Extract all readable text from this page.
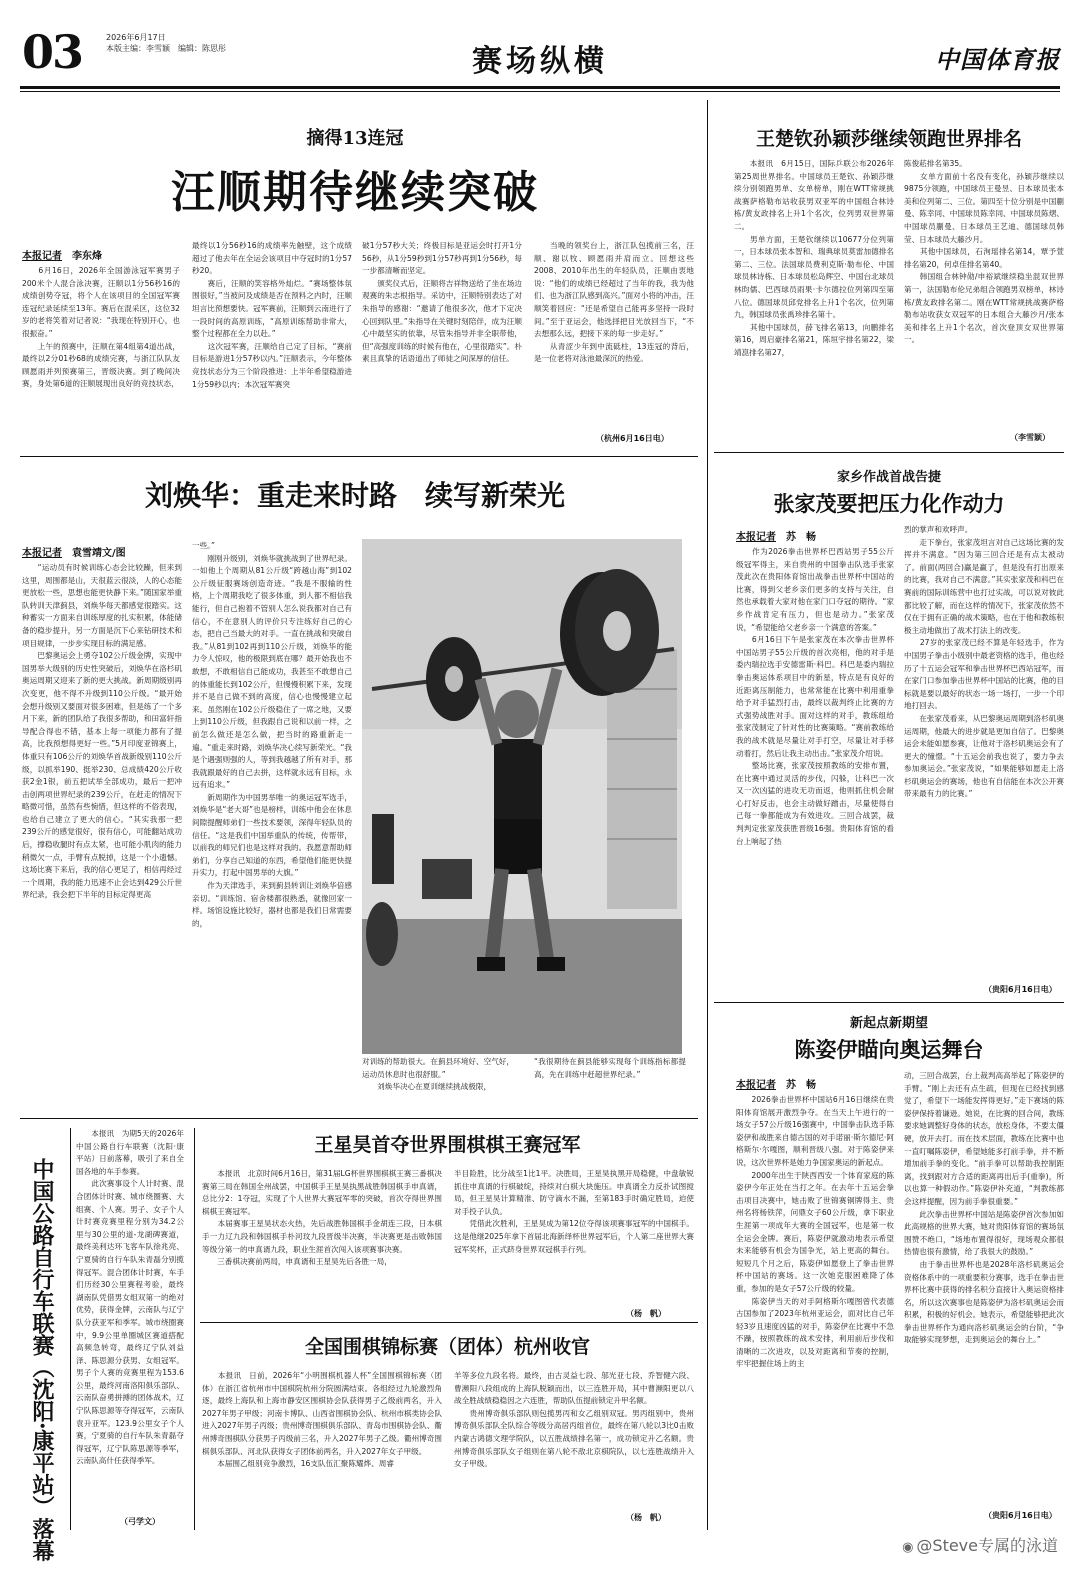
03	2026年6月17日
本版主编：李雪颖　编辑：陈思彤	赛场纵横	中国体育报
摘得13连冠
汪顺期待继续突破
本报记者　 李东烽
　　6月16日，2026年全国游泳冠军赛男子200米个人混合泳决赛，汪顺以1分56秒16的成绩创势夺冠，将个人在该项目的全国冠军赛连冠纪录延续至13年。赛后在混采区，这位32岁的老将笑着对记者说：“我现在特别开心，也很振奋。”
　　上午的预赛中，汪顺在第4组第4道出战，最终以2分01秒68的成绩完赛，与浙江队队友顾愿雨并列预赛第三，晋级决赛。到了晚间决赛，身处第6道的汪顺展现出良好的竞技状态，
最终以1分56秒16的成绩率先触壁，这个成绩超过了他去年在全运会该项目中夺冠时的1分57秒20。
　　赛后，汪顺的笑容格外灿烂。“赛场整体氛围很好，”当被问及成绩是否在预料之内时，汪顺坦言比预想要快。冠军赛前，汪顺到云南进行了一段时间的高原训练，“高原训练帮助非常大，整个过程都在全力以赴。”
　　这次冠军赛，汪顺给自己定了目标，“赛前目标是游进1分57秒以内。”汪顺表示，今年整体竞技状态分为三个阶段推进：上半年希望稳游进1分59秒以内；本次冠军赛突
破1分57秒大关；终极目标是亚运会时打开1分56秒，从1分59秒到1分57秒再到1分56秒，每一步都清晰而坚定。
　　颁奖仪式后，汪顺将吉祥物送给了坐在场边观赛的朱志根指导。采访中，汪顺特别表达了对朱指导的感谢：“邀请了他很多次，他才下定决心回到队里。”朱指导在关键时刻陪伴，成为汪顺心中最坚实的依靠，尽管朱指导并非全职带他，但“高强度训练的时候有他在，心里很踏实”。朴素且真挚的话语道出了师徒之间深厚的信任。
　　当晚的领奖台上，浙江队包揽前三名，汪顺、谢以牧、顾愿雨并肩而立。回想这些2008、2010年出生的年轻队员，汪顺由衷地说：“他们的成绩已经超过了当年的我，我为他们、也为浙江队感到高兴。”面对小将的冲击，汪顺笑着回应：“还是希望自己能再多坚持一段时间。”至于亚运会，他选择把目光放回当下，“不去想那么远，把接下来的每一步走好。”
　　从青涩少年到中流砥柱，13连冠的背后，是一位老将对泳池最深沉的热爱。
（杭州6月16日电）
刘焕华：重走来时路　续写新荣光
本报记者　 袁雪靖文/图
　　“运动员有时候训练心态会比较躁，但来到这里，周围都是山，天很蓝云很淡，人的心态能更放松一些，思想也能更快静下来。”随国家举重队转训天津蓟县，刘焕华每天都感觉很踏实。这种蓄实一方面来自训练厚度的扎实积累，体能储备的稳步提升，另一方面是沉下心来钻研技术和项目规律，一步步实现目标的满足感。
　　巴黎奥运会上勇夺102公斤级金牌，实现中国男举大级别的历史性突破后，刘焕华在洛杉矶奥运周期又迎来了新的更大挑战。新周期级别再次变更，他不得不升级到110公斤级。“最开始会想升级别又要面对很多困难，但是练了一个多月下来，新的团队给了我很多帮助，和田富轩指导配合得也不错，基本上每一项能力都有了提高，比我预想得更好一些。”5月印度亚锦赛上，体重只有106公斤的刘焕华首战新级别110公斤级，以抓举190、挺举230、总成绩420公斤收获2金1银，前五把试举全部成功，最后一把冲击创两项世界纪录的239公斤，在赶走的情况下略微可惜，虽然有些惋惜，但这样的不俗表现，也给自己建立了更大的信心。“其实我那一把239公斤的感觉很好，很有信心，可能翻站成功后，撑稳收腿时有点太紧，也可能小肌肉的能力稍微欠一点，手臂有点脱掉，这是一个小遗憾。这场比赛下来后，我的信心更足了，相信再经过一个周期，我的能力迅速不止会达到429公斤世界纪录，我会把下半年的目标定得更高
一些。”
　　刚刚升级别，刘焕华就挑战到了世界纪录。一如他上个周期从81公斤级“跨越山海”到102公斤级征服赛场创造奇迹。“我是不服输的性格，上个周期我吃了很多体重，到人都不相信我能行，但自己抱着不管别人怎么说我都对自己有信心，不在意别人的评价只专注练好自己的心态，把自己当最大的对手。一直在挑战和突破自我。”从81到102再到110公斤级，刘焕华的能力令人惊叹，他的极限到底在哪？最开始我也不敢想，不敢相信自己能成功，我甚至不敢想自己的体重能长到102公斤，但慢慢积累下来，发现并不是自己做不到的高度，信心也慢慢建立起来。虽然刚在102公斤级稳住了一席之地，又要上到110公斤级，但我跟自己说和以前一样，之前怎么做还是怎么做，把当时的路重新走一遍。“重走来时路，刘焕华决心续写新荣光。“我是个遇强则强的人，等到我越越了所有对手，那我就跟最好的自己去拼，这样就永远有目标，永远有追求。”
　　新周期作为中国男举唯一的奥运冠军选手，刘焕华是“老大哥”也是榜样，训练中他会在休息间隙提醒师弟们一些技术要领，深得年轻队员的信任。“这是我们中国举重队的传统，传帮带，以前我的师兄们也是这样对我的。我愿意帮助师弟们，分享自己知道的东西，希望他们能更快提升实力，打起中国男举的大旗。”
　　作为天津选手，来到蓟县转训让刘焕华倍感亲切。“训练馆、宿舍楼都很熟悉，就像回家一样。场馆设施比较好，器材也都是我们日常需要的，
对训练的帮助很大。在蓟县环境好、空气好，运动员休息时也很舒服。”
　　刘焕华决心在夏训继续挑战极限，
“我很期待在蓟县能够实现每个训练指标都提高，先在训练中赶超世界纪录。”
中国公路自行车联赛（沈阳·康平站）落幕
　　本报讯　为期5天的2026年中国公路自行车联赛（沈阳·康平站）日前落幕，吸引了来自全国各地的车手参赛。
　　此次赛事设个人计时赛、混合团体计时赛、城市绕圈赛、大组赛、个人赛。男子、女子个人计时赛竞赛里程分别为34.2公里与30公里的道-龙湖碑赛道，最终美利达环飞客车队徐兆亮、宁夏骑的自行车队朱青磊分别揽得冠军。混合团体计时赛，车手们历经30公里赛程考验，最终湖南队凭借男女组双第一的绝对优势，获得金牌，云南队与辽宁队分获亚军和季军。城市绕圈赛中，9.9公里单圈城区赛道搭配高频急转弯，最终辽宁队刘益泽、陈思源分获男、女组冠军。男子个人赛的竞赛里程为153.6公里，最终河南洛阳俱乐部队、云南队奋勇拼搏的团体战术，辽宁队陈思源等夺得冠军，云南队袁升亚军。123.9公里女子个人赛，宁夏骑的自行车队朱青磊夺得冠军，辽宁队陈思源等季军，云南队高什任获得季军。
（弓学文）
王星昊首夺世界围棋棋王赛冠军
　　本报讯　北京时间6月16日，第31届LG杯世界围棋棋王赛三番棋决赛第三局在韩国全州战罢，中国棋手王星昊执黑战胜韩国棋手申真谞，总比分2：1夺冠，实现了个人世界大赛冠军零的突破，首次夺得世界围棋棋王赛冠军。
　　本届赛事王星昊状态火热，先后战胜韩国棋手金胡连三段，日本棋手一力辽九段和韩国棋手朴河玟九段晋级半决赛，半决赛更是击败韩国等级分第一的申真谞九段，职业生涯首次闯入该项赛事决赛。
　　三番棋决赛前两局，申真谞和王星昊先后各胜一局，
半目险胜，比分战至1比1平。决胜局，王星昊执黑开局稳健，中盘敏锐抓住申真谞的行棋破绽，持续对白棋大块施压。申真谞全力反扑试图搅局，但王星昊计算精准、防守滴水不漏，至第183手时确定胜局，迫使对手投子认负。
　　凭借此次胜利，王星昊成为第12位夺得该项赛事冠军的中国棋手。这是他继2025年拿下首届北海新绎杯世界冠军后，个人第二座世界大赛冠军奖杯，正式跻身世界双冠棋手行列。
（杨　帆）
全国围棋锦标赛（团体）杭州收官
　　本报讯　日前，2026年“小明围棋机器人杯”全国围棋锦标赛（团体）在浙江省杭州市中国棋院杭州分院圆满结束。各组经过九轮激烈角逐，最终上海队和上海市静安区围棋协会队获得男子乙级前两名，升入2027年男子甲级；河南卡博队、山西省围棋协会队、杭州市棋类协会队进入2027年男子丙级；贵州博奇围棋俱乐部队、青岛市围棋协会队、衢州博奇围棋队分获男子丙级前三名，升入2027年男子乙级。衢州博奇围棋俱乐部队、河北队获得女子团体前两名，升入2027年女子甲级。
　　本届围乙组别竞争激烈，16支队伍汇聚陈耀烨、周睿
羊等多位九段名将。最终，由古灵益七段、邬光亚七段、乔智健六段、曹濒阳八段组成的上海队脱颖而出，以三连胜开局，其中曹濒阳更以八战全胜战绩稳稳因之六连胜，帮助队伍提前锁定升甲名额。
　　贵州博奇俱乐部队则包揽男丙和女乙组别双冠。男丙组别中，贵州博奇俱乐部队全队综合等级分高居丙组首位，最终在第八轮以3比0击败内蒙古鸿德文理学院队，以五胜战绩排名第一，成功锁定升乙名额。贵州博奇俱乐部队女子组则在第八轮不敌北京棋院队，以七连胜战绩升入女子甲级。
（杨　帆）
王楚钦孙颖莎继续领跑世界排名
　　本报讯　6月15日，国际乒联公布2026年第25周世界排名。中国球员王楚钦、孙颖莎继续分别领跑男单、女单榜单，刚在WTT常规挑战赛萨格勒布站收获男双亚军的中国组合林诗栋/黄友政排名上升1个名次，位列男双世界第二。
　　男单方面，王楚钦继续以10677分位列第一，日本球员张本智和、瑞典球员莫雷加德排名第二、三位。法国球员费利克斯·勒布伦、中国球员林诗栋、日本球员松岛辉空、中国台北球员林昀儒、巴西球员雨果·卡尔德拉位列第四至第八位。德国球员邱党排名上升1个名次，位列第九，韩国球员张禹珍排名第十。
　　其他中国球员，薛飞排名第13，向鹏排名第16，周启豪排名第21，陈垣宇排名第22，梁靖崑排名第27，
陈俊菘排名第35。
　　女单方面前十名没有变化，孙颖莎继续以9875分领跑，中国球员王曼昱、日本球员张本美和位列第二、三位。第四至十位分别是中国蒯曼、陈幸同、中国球员陈幸同、中国球员陈熠、中国球员蒯曼、日本球员王艺迪、德国球员韩莹、日本球员大藤沙月。
　　其他中国球员，石洵瑶排名第14，覃予萱排名第20，何卓佳排名第40。
　　韩国组合林钟勋/申裕斌继续稳坐混双世界第一，法国勒布伦兄弟组合领跑男双榜单，林诗栋/黄友政排名第二。刚在WTT常规挑战赛萨格勒布站收获女双冠军的日本组合大藤沙月/张本美和排名上升1个名次，首次登顶女双世界第一。
（李雪颖）
家乡作战首战告捷
张家茂要把压力化作动力
本报记者　 苏　畅
　　作为2026拳击世界杯巴西站男子55公斤级冠军得主，来自贵州的中国拳击队选手张家茂此次在贵阳体育馆出战拳击世界杯中国站的比赛，得到父老乡亲们更多的支持与关注，自然也承载着大家对他在家门口夺冠的期待。“家乡作战肯定有压力，但也是动力。”张家茂说，“希望能给父老乡亲一个满意的答案。”
　　6月16日下午是张家茂在本次拳击世界杯中国站男子55公斤级的首次亮相，他的对手是委内瑞拉选手安德雷斯·科巴。科巴是委内瑞拉拳击奥运体系项目中的新星，特点是有良好的近距离压制能力，也常常能在比赛中利用重拳给予对手猛烈打击，最终以裁判终止比赛的方式强势战胜对手。面对这样的对手，教练组给张家茂制定了针对性的比赛策略。“赛前教练给我的战术就是尽量让对手打空，尽量让对手移动着打，然后让我主动出击。”张家茂介绍说。
　　整场比赛，张家茂按照教练的安排布置，在比赛中通过灵活的步伐，闪躲，让科巴一次又一次凶猛的进攻无功而返，他则抓住机会耐心打好反击，也会主动做好蹭击，尽量使得自己每一拳都能成为有效进攻。三回合战罢，裁判判定张家茂获胜晋级16强。贵阳体育馆的看台上响起了热
烈的掌声和欢呼声。
　　走下拳台，张家茂坦言对自己这场比赛的发挥并不满意。“因为第三回合还是有点太被动了。前面(两回合)赢是赢了，但是没有打出原来的比赛，我对自己不满意。”其实张家茂和科巴在赛前的国际训练营中也打过实战，可以说对彼此都比较了解，而在这样的情况下，张家茂依然不仅在于拥有正确的战术策略，也在于他和教练积极主动地做出了战术打法上的改变。
　　27岁的张家茂已经不算是年轻选手，作为中国男子拳击小级别中最老资格的选手，他也经历了十五运会冠军和拳击世界杯巴西站冠军，而在家门口参加拳击世界杯中国站的比赛，他的目标就是要以最好的状态一场一场打，一步一个印地打回去。
　　在张家茂看来，从巴黎奥运周期到洛杉矶奥运周期，他最大的进步就是更加自信了。巴黎奥运会未能如愿参赛，让他对于洛杉矶奥运会有了更大的憧憬。“十五运会前我也说了，要力争去参加奥运会。”张家茂说，“如果能够如愿走上洛杉矶奥运会的赛场，他也有自信能在本次公开赛带来最有力的比赛。”
（贵阳6月16日电）
新起点新期望
陈姿伊瞄向奥运舞台
本报记者　 苏　畅
　　2026拳击世界杯中国站6月16日继续在贵阳体育馆展开激烈争夺。在当天上午进行的一场女子57公斤级16强赛中，中国拳击队选手陈姿伊和战胜来自德古国的对手诺丽·斯尔德尼·阿格斯尔·尔嘎图，顺利晋级八强。对于陈姿伊来说，这次世界杯是她力争国家奥运的新起点。
　　2000年出生于陕西西安一个体育家庭的陈姿伊今年正处在当打之年。在去年十五运会拳击项目决赛中，她击败了世锦赛铜牌得主、贵州名将杨铁萍，问鼎女子60公斤级，拿下职业生涯第一项成年大赛的全国冠军，也是第一枚全运会金牌。赛后，陈姿伊就激动地表示希望未来能够有机会为国争光，站上更高的舞台。短短几个月之后，陈姿伊如愿登上了拳击世界杯中国站的赛场。这一次她克服困难降了体重，参加的是女子57公斤级的较量。
　　陈姿伊当天的对手阿格斯尔嘎图曾代表德古国参加了2023年杭州亚运会，面对比自己年轻3岁且速度凶猛的对手，陈姿伊在比赛中不急不躁，按照教练的战术安排，利用前后步伐和清晰的二次进攻，以及对距离和节奏的控制，牢牢把握住场上的主
动，三回合战罢，台上裁判高高举起了陈姿伊的手臂。“刚上去还有点生疏，但现在已经找到感觉了，希望下一场能发挥得更好。”走下赛场的陈姿伊保持着谦逊。她说，在比赛的回合间，教练要求她调整好身体的状态，放松身体，不要太僵硬，放开去打。而在技术层面，教练在比赛中也一直叮嘱陈姿伊，希望她能多打前手拳，并不断增加前手拳的变化。“前手拳可以帮助我控制距离，找到跟对方合适的距离再出后手(重拳)，所以也算一种假动作。”陈姿伊补充道，“判教练都会这样提醒，因为前手拳很重要。”
　　此次拳击世界杯中国站是陈姿伊首次参加如此高规格的世界大赛，她对贵阳体育馆的赛场氛围赞不绝口，“场地布置得很好，现场观众都很热情也很有激情，给了我很大的鼓励。”
　　由于拳击世界杯也是2028年洛杉矶奥运会资格体系中的一项重要积分赛事，选手在拳击世界杯比赛中获得的排名积分直接计入奥运资格排名，所以这次赛事也是陈姿伊为洛杉矶奥运会而积累，积极的好机会。她表示，希望能够把此次拳击世界杯作为通向洛杉矶奥运会的台阶，“争取能够实现梦想，走到奥运会的舞台上。”
（贵阳6月16日电）
◉ @Steve专属的泳道
